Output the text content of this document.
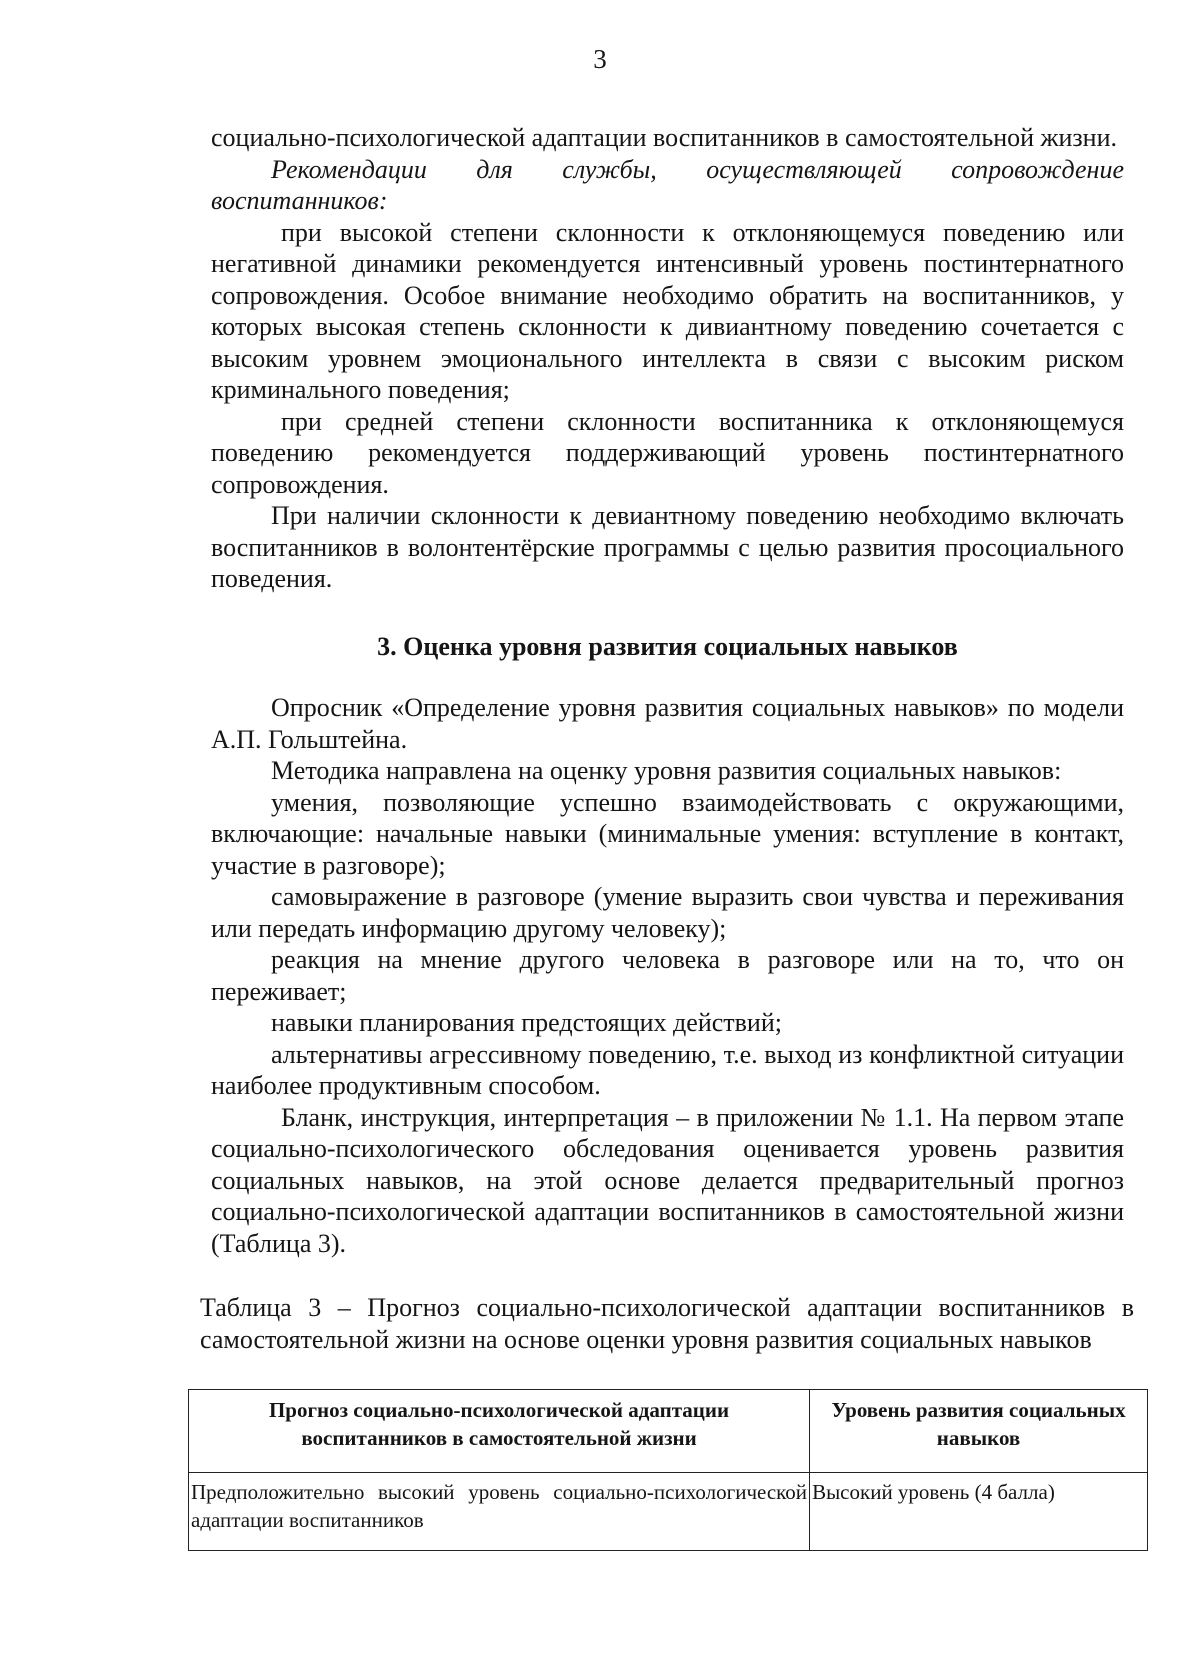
3

социально-психологической адаптации воспитанников в самостоятельной жизни.

Рекомендации для службы, осуществляющей сопровождение воспитанников:

при высокой степени склонности к отклоняющемуся поведению или негативной динамики рекомендуется интенсивный уровень постинтернатного сопровождения. Особое внимание необходимо обратить на воспитанников, у которых высокая степень склонности к дивиантному поведению сочетается с высоким уровнем эмоционального интеллекта в связи с высоким риском криминального поведения;

при средней степени склонности воспитанника к отклоняющемуся поведению рекомендуется поддерживающий уровень постинтернатного сопровождения.

При наличии склонности к девиантному поведению необходимо включать воспитанников в волонтентёрские программы с целью развития просоциального поведения.

3. Оценка уровня развития социальных навыков

Опросник «Определение уровня развития социальных навыков» по модели А.П. Гольштейна.

Методика направлена на оценку уровня развития социальных навыков:

умения, позволяющие успешно взаимодействовать с окружающими, включающие: начальные навыки (минимальные умения: вступление в контакт, участие в разговоре);

самовыражение в разговоре (умение выразить свои чувства и переживания или передать информацию другому человеку);

реакция на мнение другого человека в разговоре или на то, что он переживает;

навыки планирования предстоящих действий;

альтернативы агрессивному поведению, т.е. выход из конфликтной ситуации наиболее продуктивным способом.

Бланк, инструкция, интерпретация – в приложении № 1.1. На первом этапе социально-психологического обследования оценивается уровень развития социальных навыков, на этой основе делается предварительный прогноз социально-психологической адаптации воспитанников в самостоятельной жизни (Таблица 3).

Таблица 3 – Прогноз социально-психологической адаптации воспитанников в самостоятельной жизни на основе оценки уровня развития социальных навыков

Прогноз социально-психологической адаптации воспитанников в самостоятельной жизни	Уровень развития социальных навыков
Предположительно высокий уровень социально-психологической адаптации воспитанников	Высокий уровень (4 балла)
